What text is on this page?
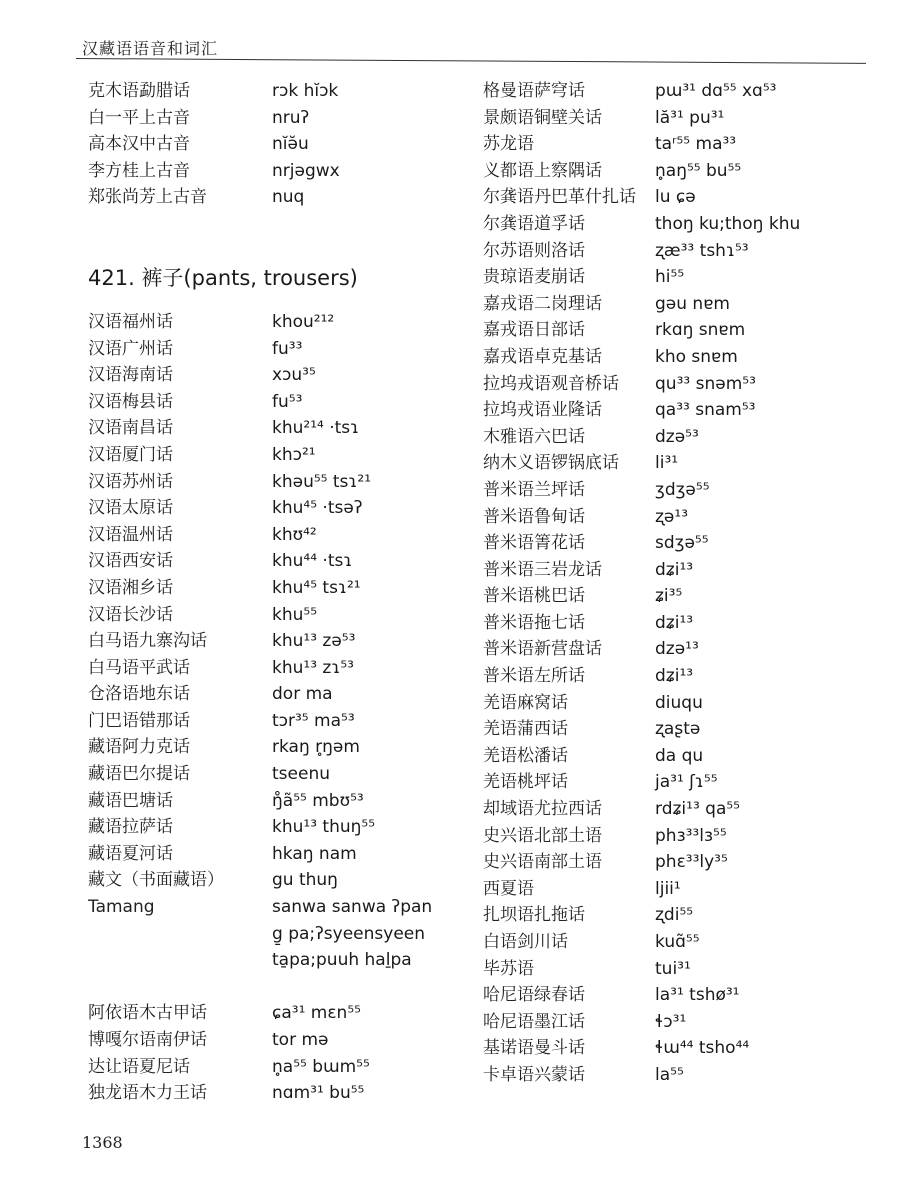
汉藏语语音和词汇
克木语勐腊话	rɔk hĭɔk
白一平上古音	nruʔ
高本汉中古音	nĭə̆u
李方桂上古音	nrjəgwx
郑张尚芳上古音	nuq
421. 裤子(pants, trousers)
汉语福州话	khou²¹²
汉语广州话	fu³³
汉语海南话	xɔu³⁵
汉语梅县话	fu⁵³
汉语南昌话	khu²¹⁴ ·tsɿ
汉语厦门话	khɔ²¹
汉语苏州话	khəu⁵⁵ tsɿ²¹
汉语太原话	khu⁴⁵ ·tsəʔ
汉语温州话	khʊ⁴²
汉语西安话	khu⁴⁴ ·tsɿ
汉语湘乡话	khu⁴⁵ tsɿ²¹
汉语长沙话	khu⁵⁵
白马语九寨沟话	khu¹³ zə⁵³
白马语平武话	khu¹³ zɿ⁵³
仓洛语地东话	dor ma
门巴语错那话	tɔr³⁵ ma⁵³
藏语阿力克话	rkaŋ r̥ŋəm
藏语巴尔提话	tseenu
藏语巴塘话	ŋ̊ã⁵⁵ mbʊ⁵³
藏语拉萨话	khu¹³ thuŋ⁵⁵
藏语夏河话	hkaŋ nam
藏文（书面藏语）	gu thuŋ
Tamang	sanwa sanwa ʔpan
g̱ pa;ʔsyeensyeen
ta̱pa;puuh haḻpa
阿依语木古甲话	ɕa³¹ mɛn⁵⁵
博嘎尔语南伊话	tor mə
达让语夏尼话	n̥a⁵⁵ bɯm⁵⁵
独龙语木力王话	nɑm³¹ bu⁵⁵
格曼语萨穹话	pɯ³¹ dɑ⁵⁵ xɑ⁵³
景颇语铜壁关话	lă³¹ pu³¹
苏龙语	taʳ⁵⁵ ma³³
义都语上察隅话	n̥aŋ⁵⁵ bu⁵⁵
尔龚语丹巴革什扎话	lu ɕə
尔龚语道孚话	thoŋ ku;thoŋ khu
尔苏语则洛话	ʐæ³³ tshɿ⁵³
贵琼语麦崩话	hi⁵⁵
嘉戎语二岗理话	gəu nɐm
嘉戎语日部话	rkɑŋ snɐm
嘉戎语卓克基话	kho snɐm
拉坞戎语观音桥话	qu³³ snəm⁵³
拉坞戎语业隆话	qa³³ snam⁵³
木雅语六巴话	dzə⁵³
纳木义语锣锅底话	li³¹
普米语兰坪话	ʒdʒə⁵⁵
普米语鲁甸话	ʐə¹³
普米语箐花话	sdʒə⁵⁵
普米语三岩龙话	dʑi¹³
普米语桃巴话	ʑi³⁵
普米语拖七话	dʑi¹³
普米语新营盘话	dzə¹³
普米语左所话	dʑi¹³
羌语麻窝话	diuqu
羌语蒲西话	ʐaʂtə
羌语松潘话	da qu
羌语桃坪话	ja³¹ ʃɿ⁵⁵
却域语尤拉西话	rdʑi¹³ qa⁵⁵
史兴语北部土语	phɜ³³lɜ⁵⁵
史兴语南部土语	phɛ³³ly³⁵
西夏语	ljii¹
扎坝语扎拖话	ʐdi⁵⁵
白语剑川话	kuɑ̃⁵⁵
毕苏语	tui³¹
哈尼语绿春话	la³¹ tshø³¹
哈尼语墨江话	ɬɔ³¹
基诺语曼斗话	ɬɯ⁴⁴ tsho⁴⁴
卡卓语兴蒙话	la⁵⁵
1368
